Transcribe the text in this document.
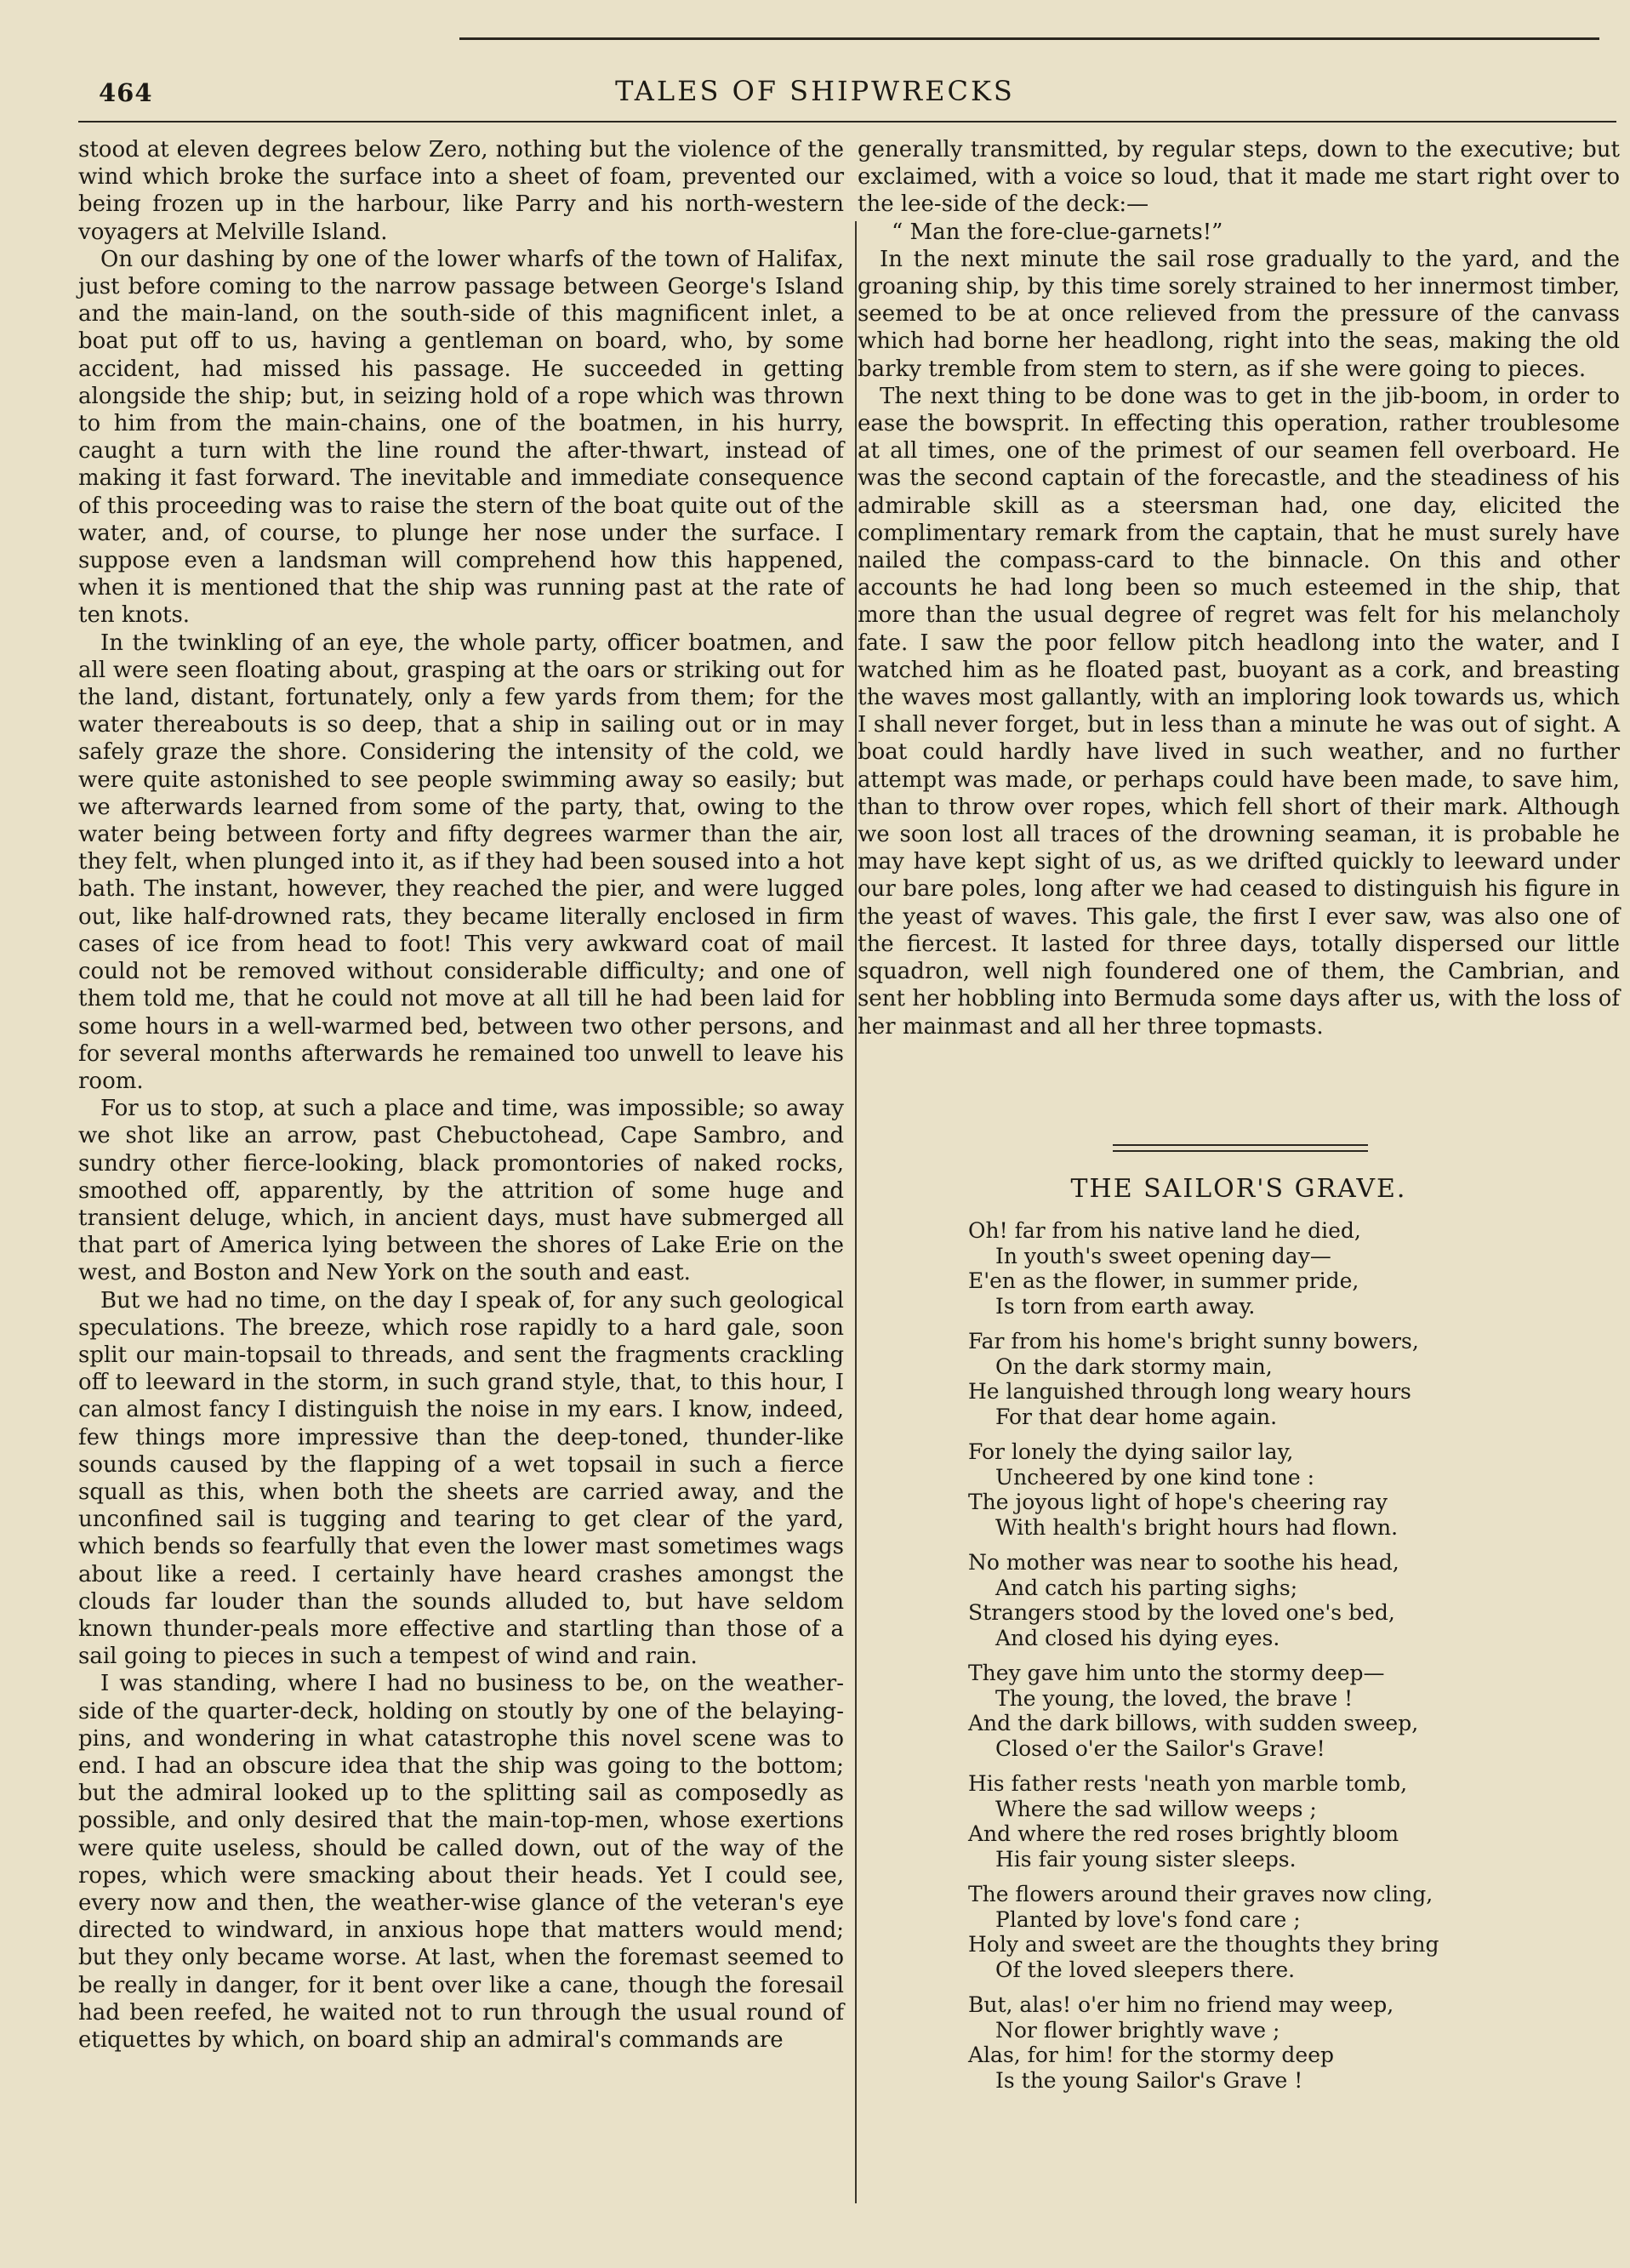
464	TALES OF SHIPWRECKS

stood at eleven degrees below Zero, nothing but the violence of the wind which broke the surface into a sheet of foam, prevented our being frozen up in the harbour, like Parry and his north-western voyagers at Melville Island.

On our dashing by one of the lower wharfs of the town of Halifax, just before coming to the narrow passage between George's Island and the main-land, on the south-side of this magnificent inlet, a boat put off to us, having a gentleman on board, who, by some accident, had missed his passage. He succeeded in getting alongside the ship; but, in seizing hold of a rope which was thrown to him from the main-chains, one of the boatmen, in his hurry, caught a turn with the line round the after-thwart, instead of making it fast forward. The inevitable and immediate consequence of this proceeding was to raise the stern of the boat quite out of the water, and, of course, to plunge her nose under the surface. I suppose even a landsman will comprehend how this happened, when it is mentioned that the ship was running past at the rate of ten knots.

In the twinkling of an eye, the whole party, officer boatmen, and all were seen floating about, grasping at the oars or striking out for the land, distant, fortunately, only a few yards from them; for the water thereabouts is so deep, that a ship in sailing out or in may safely graze the shore. Considering the intensity of the cold, we were quite astonished to see people swimming away so easily; but we afterwards learned from some of the party, that, owing to the water being between forty and fifty degrees warmer than the air, they felt, when plunged into it, as if they had been soused into a hot bath. The instant, however, they reached the pier, and were lugged out, like half-drowned rats, they became literally enclosed in firm cases of ice from head to foot! This very awkward coat of mail could not be removed without considerable difficulty; and one of them told me, that he could not move at all till he had been laid for some hours in a well-warmed bed, between two other persons, and for several months afterwards he remained too unwell to leave his room.

For us to stop, at such a place and time, was impossible; so away we shot like an arrow, past Chebuctohead, Cape Sambro, and sundry other fierce-looking, black promontories of naked rocks, smoothed off, apparently, by the attrition of some huge and transient deluge, which, in ancient days, must have submerged all that part of America lying between the shores of Lake Erie on the west, and Boston and New York on the south and east.

But we had no time, on the day I speak of, for any such geological speculations. The breeze, which rose rapidly to a hard gale, soon split our main-topsail to threads, and sent the fragments crackling off to leeward in the storm, in such grand style, that, to this hour, I can almost fancy I distinguish the noise in my ears. I know, indeed, few things more impressive than the deep-toned, thunder-like sounds caused by the flapping of a wet topsail in such a fierce squall as this, when both the sheets are carried away, and the unconfined sail is tugging and tearing to get clear of the yard, which bends so fearfully that even the lower mast sometimes wags about like a reed. I certainly have heard crashes amongst the clouds far louder than the sounds alluded to, but have seldom known thunder-peals more effective and startling than those of a sail going to pieces in such a tempest of wind and rain.

I was standing, where I had no business to be, on the weather-side of the quarter-deck, holding on stoutly by one of the belaying-pins, and wondering in what catastrophe this novel scene was to end. I had an obscure idea that the ship was going to the bottom; but the admiral looked up to the splitting sail as composedly as possible, and only desired that the main-top-men, whose exertions were quite useless, should be called down, out of the way of the ropes, which were smacking about their heads. Yet I could see, every now and then, the weather-wise glance of the veteran's eye directed to windward, in anxious hope that matters would mend; but they only became worse. At last, when the foremast seemed to be really in danger, for it bent over like a cane, though the foresail had been reefed, he waited not to run through the usual round of etiquettes by which, on board ship an admiral's commands are

generally transmitted, by regular steps, down to the executive; but exclaimed, with a voice so loud, that it made me start right over to the lee-side of the deck:—

“ Man the fore-clue-garnets!”

In the next minute the sail rose gradually to the yard, and the groaning ship, by this time sorely strained to her innermost timber, seemed to be at once relieved from the pressure of the canvass which had borne her headlong, right into the seas, making the old barky tremble from stem to stern, as if she were going to pieces.

The next thing to be done was to get in the jib-boom, in order to ease the bowsprit. In effecting this operation, rather troublesome at all times, one of the primest of our seamen fell overboard. He was the second captain of the forecastle, and the steadiness of his admirable skill as a steersman had, one day, elicited the complimentary remark from the captain, that he must surely have nailed the compass-card to the binnacle. On this and other accounts he had long been so much esteemed in the ship, that more than the usual degree of regret was felt for his melancholy fate. I saw the poor fellow pitch headlong into the water, and I watched him as he floated past, buoyant as a cork, and breasting the waves most gallantly, with an imploring look towards us, which I shall never forget, but in less than a minute he was out of sight. A boat could hardly have lived in such weather, and no further attempt was made, or perhaps could have been made, to save him, than to throw over ropes, which fell short of their mark. Although we soon lost all traces of the drowning seaman, it is probable he may have kept sight of us, as we drifted quickly to leeward under our bare poles, long after we had ceased to distinguish his figure in the yeast of waves. This gale, the first I ever saw, was also one of the fiercest. It lasted for three days, totally dispersed our little squadron, well nigh foundered one of them, the Cambrian, and sent her hobbling into Bermuda some days after us, with the loss of her mainmast and all her three topmasts.

THE SAILOR'S GRAVE.
Oh! far from his native land he died,
In youth's sweet opening day—
E'en as the flower, in summer pride,
Is torn from earth away.
Far from his home's bright sunny bowers,
On the dark stormy main,
He languished through long weary hours
For that dear home again.
For lonely the dying sailor lay,
Uncheered by one kind tone :
The joyous light of hope's cheering ray
With health's bright hours had flown.
No mother was near to soothe his head,
And catch his parting sighs;
Strangers stood by the loved one's bed,
And closed his dying eyes.
They gave him unto the stormy deep—
The young, the loved, the brave !
And the dark billows, with sudden sweep,
Closed o'er the Sailor's Grave!
His father rests 'neath yon marble tomb,
Where the sad willow weeps ;
And where the red roses brightly bloom
His fair young sister sleeps.
The flowers around their graves now cling,
Planted by love's fond care ;
Holy and sweet are the thoughts they bring
Of the loved sleepers there.
But, alas! o'er him no friend may weep,
Nor flower brightly wave ;
Alas, for him! for the stormy deep
Is the young Sailor's Grave !
